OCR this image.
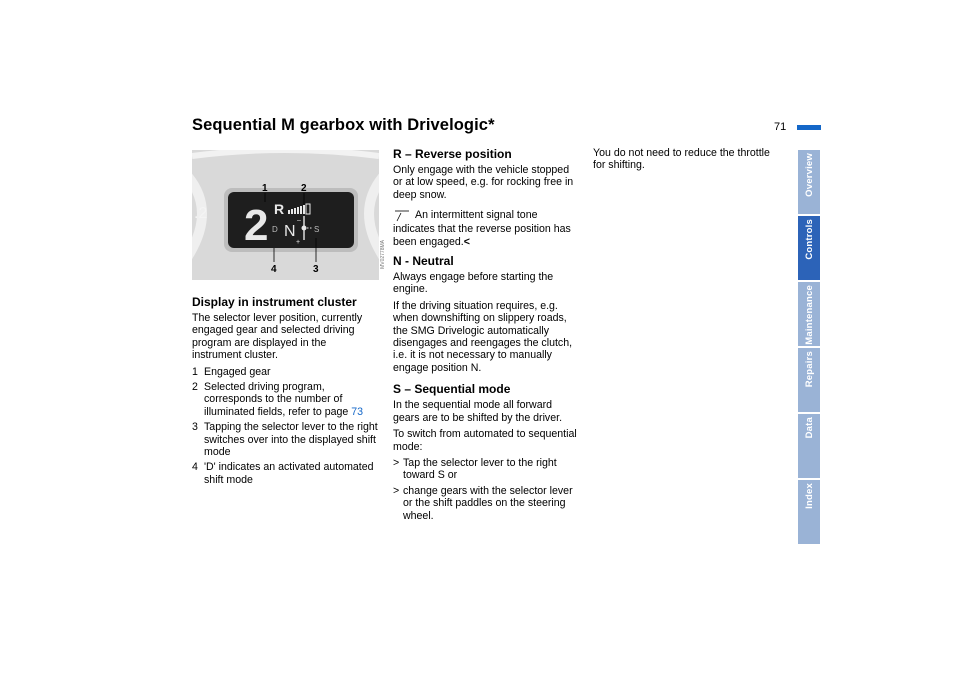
Sequential M gearbox with Drivelogic*	71
Overview
Controls
Maintenance
Repairs
Data
Index
.2 2 R
N
D	S
–
+
1	2
4	3
MV02778MA
Display in instrument cluster

The selector lever position, currently engaged gear and selected driving program are displayed in the instrument cluster.

1 Engaged gear
2 Selected driving program, corresponds to the number of illuminated fields, refer to page 73
3 Tapping the selector lever to the right switches over into the displayed shift mode
4 'D' indicates an activated automated shift mode
R – Reverse position

Only engage with the vehicle stopped or at low speed, e.g. for rocking free in deep snow.

An intermittent signal tone indicates that the reverse position has been engaged.<

N - Neutral

Always engage before starting the engine.

If the driving situation requires, e.g. when downshifting on slippery roads, the SMG Drivelogic automatically disengages and reengages the clutch, i.e. it is not necessary to manually engage position N.

S – Sequential mode

In the sequential mode all forward gears are to be shifted by the driver.

To switch from automated to sequential mode:

> Tap the selector lever to the right toward S or
> change gears with the selector lever or the shift paddles on the steering wheel.

You do not need to reduce the throttle for shifting.
